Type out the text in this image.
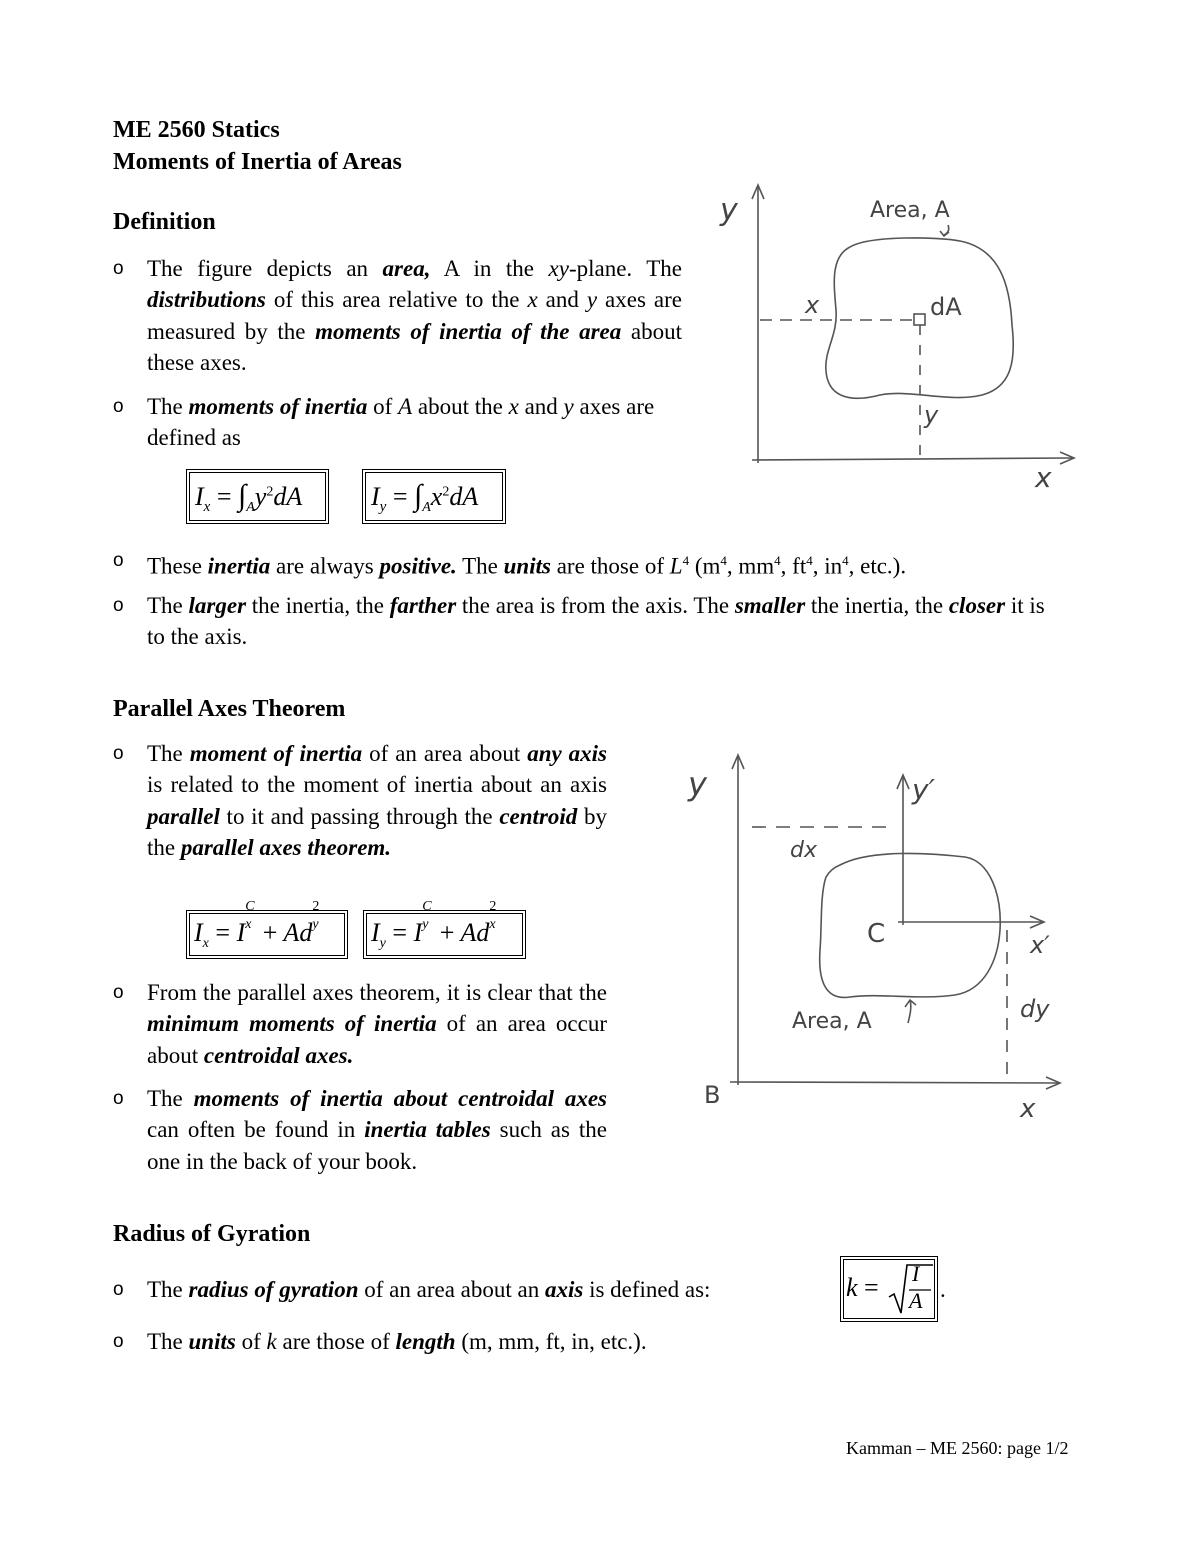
ME 2560 Statics
Moments of Inertia of Areas
Definition
o The figure depicts an area, A in the xy-plane. The distributions of this area relative to the x and y axes are measured by the moments of inertia of the area about these axes.
o The moments of inertia of A about the x and y axes are defined as
$I_x = \int_Ay^2dA$	$I_y = \int_Ax^2dA$
o These inertia are always positive. The units are those of $L^4$ ($m^4$, $mm^4$, $ft^4$, $in^4$, etc.).
o The larger the inertia, the farther the area is from the axis. The smaller the inertia, the closer it is to the axis.
y
x
Area, A
x
y
dA
Parallel Axes Theorem
o The moment of inertia of an area about any axis is related to the moment of inertia about an axis parallel to it and passing through the centroid by the parallel axes theorem.
$I_x = I$
C
x + Ad
2
y
$I_y = I$
C
y + Ad
2
x

o From the parallel axes theorem, it is clear that the minimum moments of inertia of an area occur about centroidal axes.
o The moments of inertia about centroidal axes can often be found in inertia tables such as the one in the back of your book.
y	y′
dx
C	x′
dy
Area, A
B	x
Radius of Gyration
o The radius of gyration of an area about an axis is defined as:	k = I
A .
o The units of k are those of length (m, mm, ft, in, etc.).
Kamman – ME 2560: page 1/2
